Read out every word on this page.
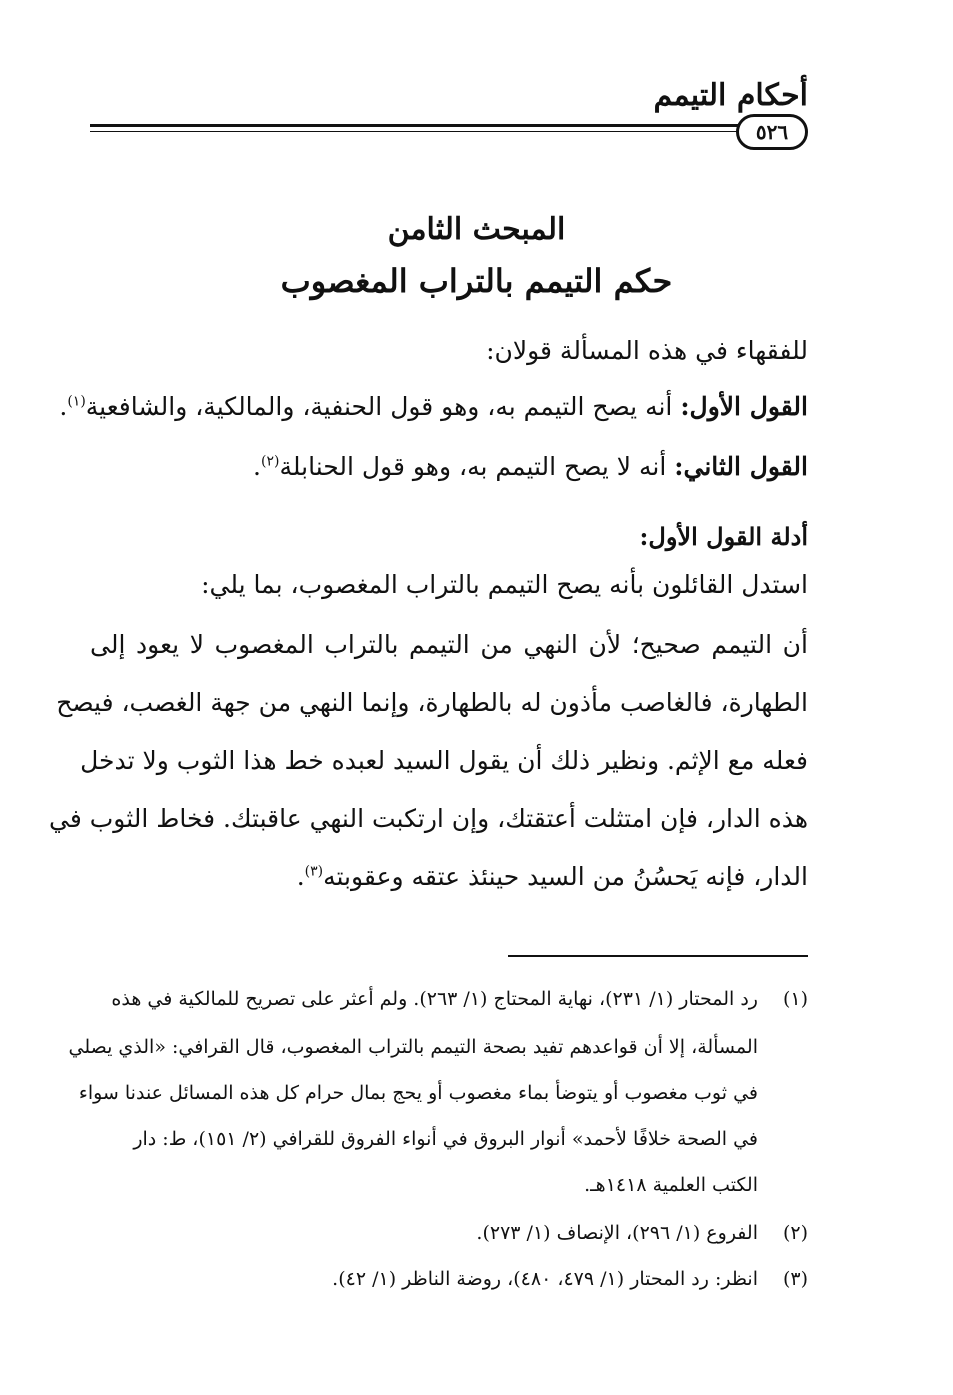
أحكام التيمم
٥٢٦
المبحث الثامن
حكم التيمم بالتراب المغصوب
للفقهاء في هذه المسألة قولان:
القول الأول: أنه يصح التيمم به، وهو قول الحنفية، والمالكية، والشافعية$^{(١)}$.
القول الثاني: أنه لا يصح التيمم به، وهو قول الحنابلة$^{(٢)}$.
أدلة القول الأول:
استدل القائلون بأنه يصح التيمم بالتراب المغصوب، بما يلي:
أن التيمم صحيح؛ لأن النهي من التيمم بالتراب المغصوب لا يعود إلى
الطهارة، فالغاصب مأذون له بالطهارة، وإنما النهي من جهة الغصب، فيصح
فعله مع الإثم. ونظير ذلك أن يقول السيد لعبده خط هذا الثوب ولا تدخل
هذه الدار، فإن امتثلت أعتقتك، وإن ارتكبت النهي عاقبتك. فخاط الثوب في
الدار، فإنه يَحسُنُ من السيد حينئذ عتقه وعقوبته$^{(٣)}$.
(١)
رد المحتار (١/ ٢٣١)، نهاية المحتاج (١/ ٢٦٣). ولم أعثر على تصريح للمالكية في هذه
المسألة، إلا أن قواعدهم تفيد بصحة التيمم بالتراب المغصوب، قال القرافي: «الذي يصلي
في ثوب مغصوب أو يتوضأ بماء مغصوب أو يحج بمال حرام كل هذه المسائل عندنا سواء
في الصحة خلافًا لأحمد» أنوار البروق في أنواء الفروق للقرافي (٢/ ١٥١)، ط: دار
الكتب العلمية ١٤١٨هـ.
(٢)
الفروع (١/ ٢٩٦)، الإنصاف (١/ ٢٧٣).
(٣)
انظر: رد المحتار (١/ ٤٧٩، ٤٨٠)، روضة الناظر (١/ ٤٢).
